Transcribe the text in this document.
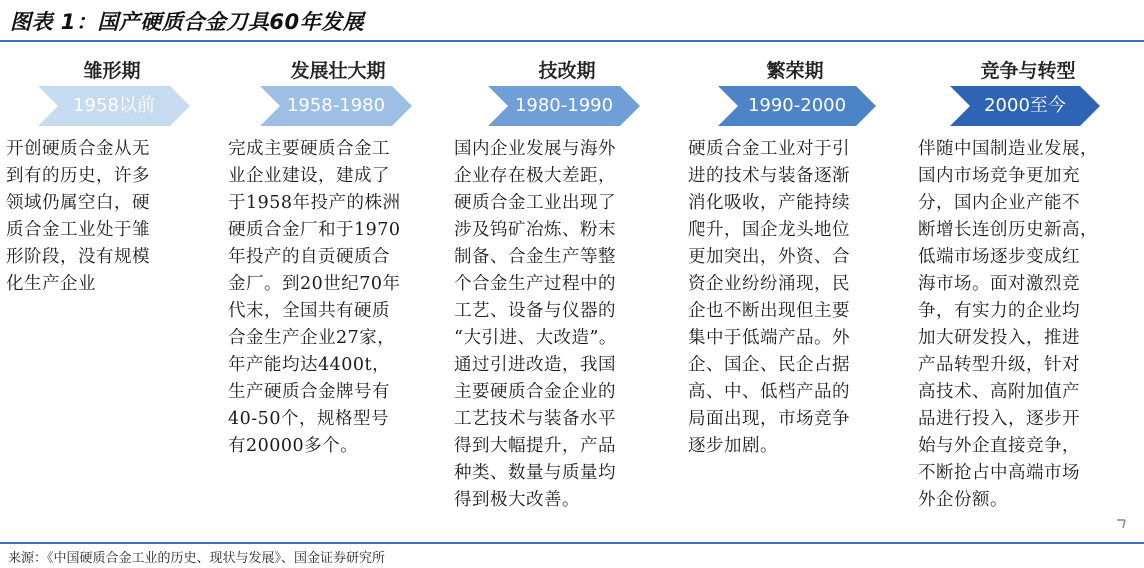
图表 1：国产硬质合金刀具60年发展
雏形期
1958以前
开创硬质合金从无
到有的历史，许多
领域仍属空白，硬
质合金工业处于雏
形阶段，没有规模
化生产企业
发展壮大期
1958-1980
完成主要硬质合金工
业企业建设，建成了
于1958年投产的株洲
硬质合金厂和于1970
年投产的自贡硬质合
金厂。到20世纪70年
代末，全国共有硬质
合金生产企业27家，
年产能均达4400t，
生产硬质合金牌号有
40-50个，规格型号
有20000多个。
技改期
1980-1990
国内企业发展与海外
企业存在极大差距，
硬质合金工业出现了
涉及钨矿冶炼、粉末
制备、合金生产等整
个合金生产过程中的
工艺、设备与仪器的
“大引进、大改造”。
通过引进改造，我国
主要硬质合金企业的
工艺技术与装备水平
得到大幅提升，产品
种类、数量与质量均
得到极大改善。
繁荣期
1990-2000
硬质合金工业对于引
进的技术与装备逐渐
消化吸收，产能持续
爬升，国企龙头地位
更加突出，外资、合
资企业纷纷涌现，民
企也不断出现但主要
集中于低端产品。外
企、国企、民企占据
高、中、低档产品的
局面出现，市场竞争
逐步加剧。
竞争与转型
2000至今
伴随中国制造业发展，
国内市场竞争更加充
分，国内企业产能不
断增长连创历史新高，
低端市场逐步变成红
海市场。面对激烈竞
争，有实力的企业均
加大研发投入，推进
产品转型升级，针对
高技术、高附加值产
品进行投入，逐步开
始与外企直接竞争，
不断抢占中高端市场
外企份额。
来源：《中国硬质合金工业的历史、现状与发展》、国金证券研究所
